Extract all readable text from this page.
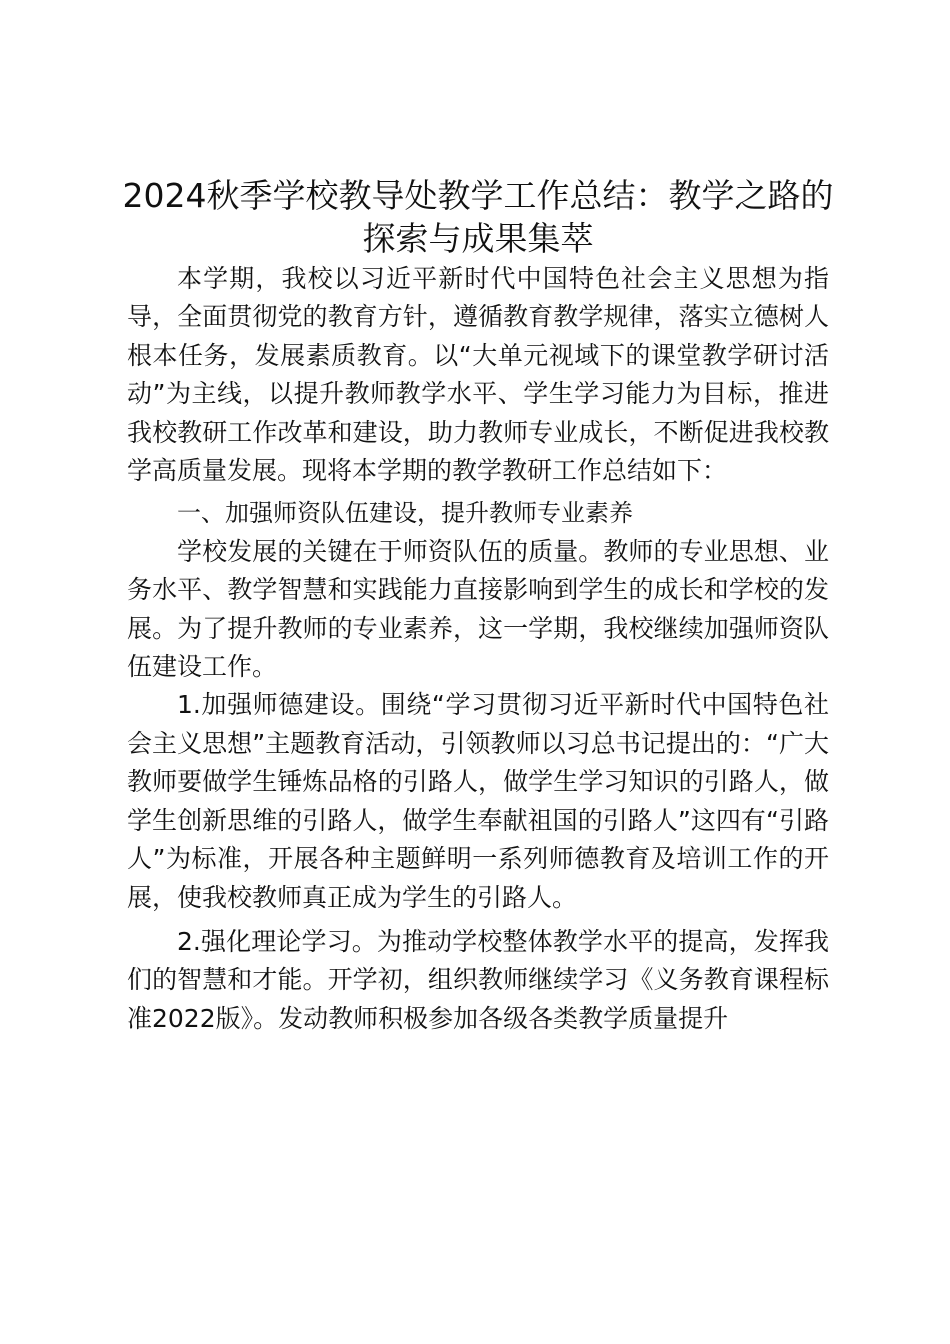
2024秋季学校教导处教学工作总结：教学之路的探索与成果集萃

本学期，我校以习近平新时代中国特色社会主义思想为指导，全面贯彻党的教育方针，遵循教育教学规律，落实立德树人根本任务，发展素质教育。以“大单元视域下的课堂教学研讨活动”为主线，以提升教师教学水平、学生学习能力为目标，推进我校教研工作改革和建设，助力教师专业成长，不断促进我校教学高质量发展。现将本学期的教学教研工作总结如下：

一、加强师资队伍建设，提升教师专业素养

学校发展的关键在于师资队伍的质量。教师的专业思想、业务水平、教学智慧和实践能力直接影响到学生的成长和学校的发展。为了提升教师的专业素养，这一学期，我校继续加强师资队伍建设工作。

1.加强师德建设。围绕“学习贯彻习近平新时代中国特色社会主义思想”主题教育活动，引领教师以习总书记提出的：“广大教师要做学生锤炼品格的引路人，做学生学习知识的引路人，做学生创新思维的引路人，做学生奉献祖国的引路人”这四有“引路人”为标准，开展各种主题鲜明一系列师德教育及培训工作的开展，使我校教师真正成为学生的引路人。

2.强化理论学习。为推动学校整体教学水平的提高，发挥我们的智慧和才能。开学初，组织教师继续学习《义务教育课程标准2022版》。发动教师积极参加各级各类教学质量提升
